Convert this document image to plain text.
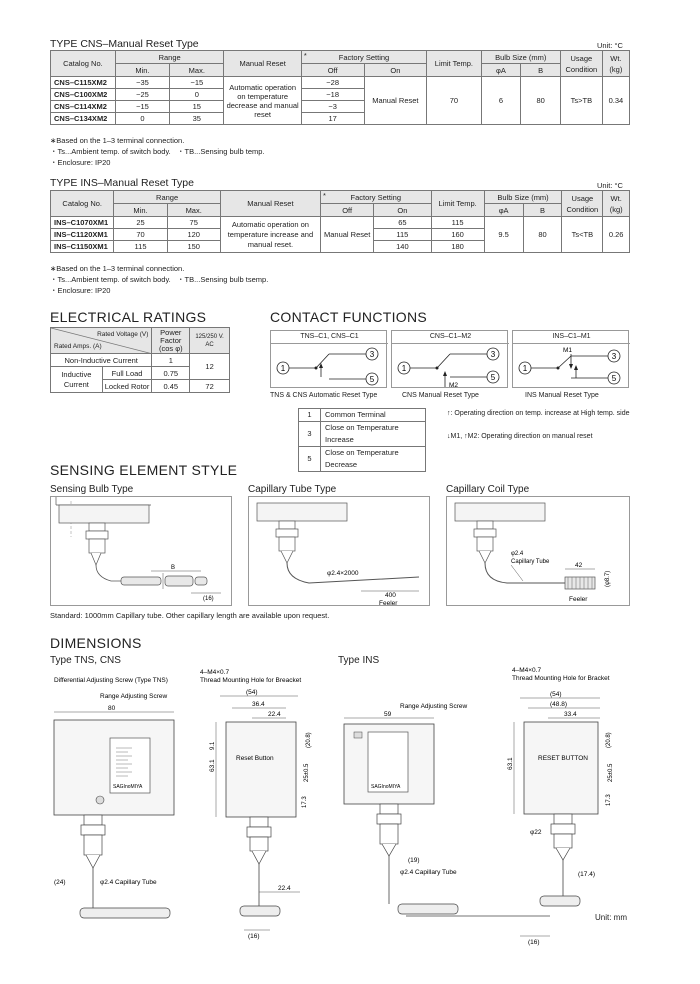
TYPE CNS–Manual Reset Type	Unit: °C
Catalog No.	Range		Manual Reset	* Factory Setting		Limit Temp.	Bulb Size (mm)		Usage Condition	Wt. (kg)
	Min.	Max.		Off	On		φA	B		
CNS–C115XM2	−35	−15	Automatic operation on temperature decrease and manual reset	−28	Manual Reset	70	6	80	Ts>TB	0.34
CNS–C100XM2	−25	0		−18						
CNS–C114XM2	−15	15		−3						
CNS–C134XM2	0	35		17						
∗Based on the 1–3 terminal connection.
・Ts...Ambient temp. of switch body.   ・TB...Sensing bulb temp.
・Enclosure: IP20
TYPE INS–Manual Reset Type	Unit: °C
Catalog No.	Range		Manual Reset	* Factory Setting		Limit Temp.	Bulb Size (mm)		Usage Condition	Wt. (kg)
	Min.	Max.		Off	On		φA	B		
INS–C1070XM1	25	75	Automatic operation on temperature increase and manual reset.	Manual Reset	65	115	9.5	80	Ts<TB	0.26
INS–C1120XM1	70	120			115	160				
INS–C1150XM1	115	150			140	180				
∗Based on the 1–3 terminal connection.
・Ts...Ambient temp. of switch body.   ・TB...Sensing bulb tsemp.
・Enclosure: IP20
ELECTRICAL RATINGS
Rated Voltage (V)
Rated Amps. (A)		Power Factor (cos φ)	125/250 V. AC
Non-Inductive Current		1	12
Inductive Current	Full Load	0.75	
	Locked Rotor	0.45	72
CONTACT FUNCTIONS
TNS–C1, CNS–C1
1
3
5
TNS & CNS Automatic Reset Type
CNS–C1–M2
1
3
5
M2
CNS Manual Reset Type
INS–C1–M1
1
3
5
M1
INS Manual Reset Type
1	Common Terminal
3	Close on Temperature Increase
5	Close on Temperature Decrease
↑: Operating direction on temp. increase at High temp. side
↓M1, ↑M2: Operating direction on manual reset
SENSING ELEMENT STYLE
Sensing Bulb Type
B
(16)
Capillary Tube Type
φ2.4×2000
400
Feeler
Capillary Coil Type
φ2.4
Capillary Tube	42
(φ8.7)
Feeler
Standard: 1000mm Capillary tube. Other capillary length are available upon request.
DIMENSIONS
Type TNS, CNS	Type INS
Differential Adjusting Screw (Type TNS)
Range Adjusting Screw
80
SAGInoMIYA
(24)	φ2.4 Capillary Tube
4–M4×0.7
Thread Mounting Hole for Breacket
(54)
36.4
22.4
9.1
63.1
Reset Button
(20.8)
25±0.5
17.3
22.4
(16)
Range Adjusting Screw
59
SAGInoMIYA
(19)
φ2.4 Capillary Tube
4–M4×0.7
Thread Mounting Hole for Bracket
(54)
(48.8)
33.4
63.1	RESET BUTTON
(20.8)
25±0.5
17.3
φ22
(17.4)
(16)
Unit: mm
